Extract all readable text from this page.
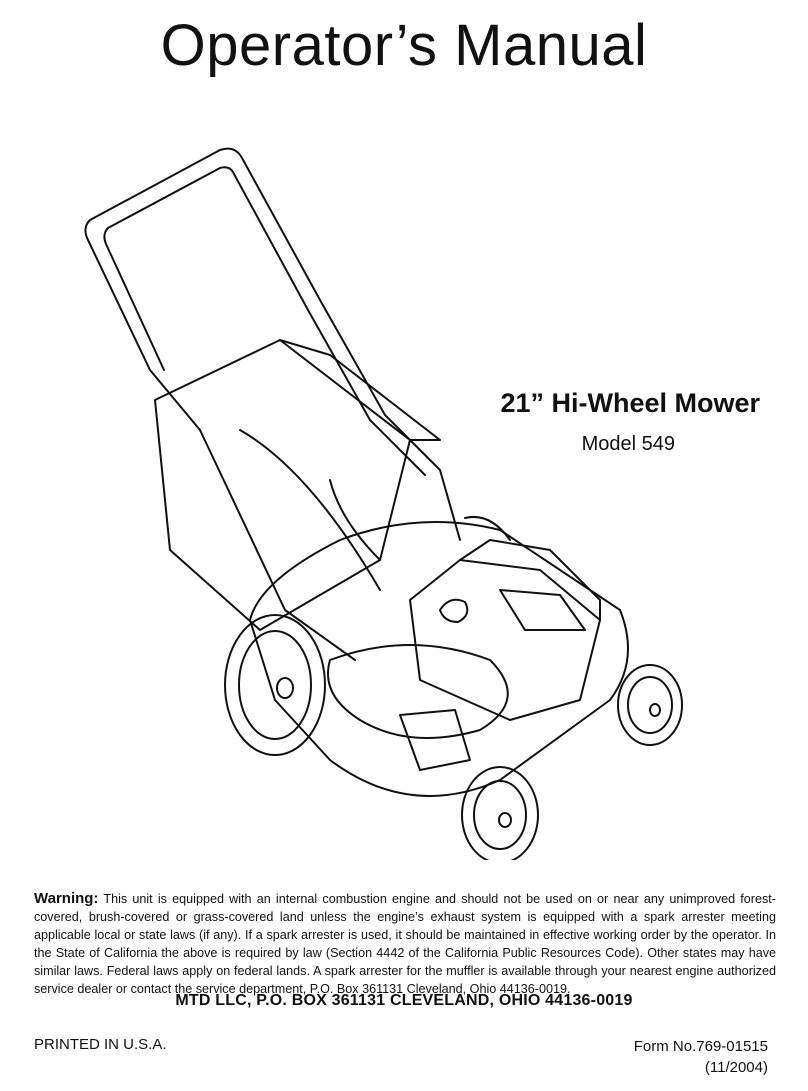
Operator’s Manual
21” Hi-Wheel Mower
Model 549
Warning: This unit is equipped with an internal combustion engine and should not be used on or near any unimproved forest-covered, brush-covered or grass-covered land unless the engine’s exhaust system is equipped with a spark arrester meeting applicable local or state laws (if any). If a spark arrester is used, it should be maintained in effective working order by the operator. In the State of California the above is required by law (Section 4442 of the California Public Resources Code). Other states may have similar laws. Federal laws apply on federal lands. A spark arrester for the muffler is available through your nearest engine authorized service dealer or contact the service department, P.O. Box 361131 Cleveland, Ohio 44136-0019.
MTD LLC, P.O. BOX 361131 CLEVELAND, OHIO 44136-0019
PRINTED IN U.S.A.	Form No.769-01515
(11/2004)
